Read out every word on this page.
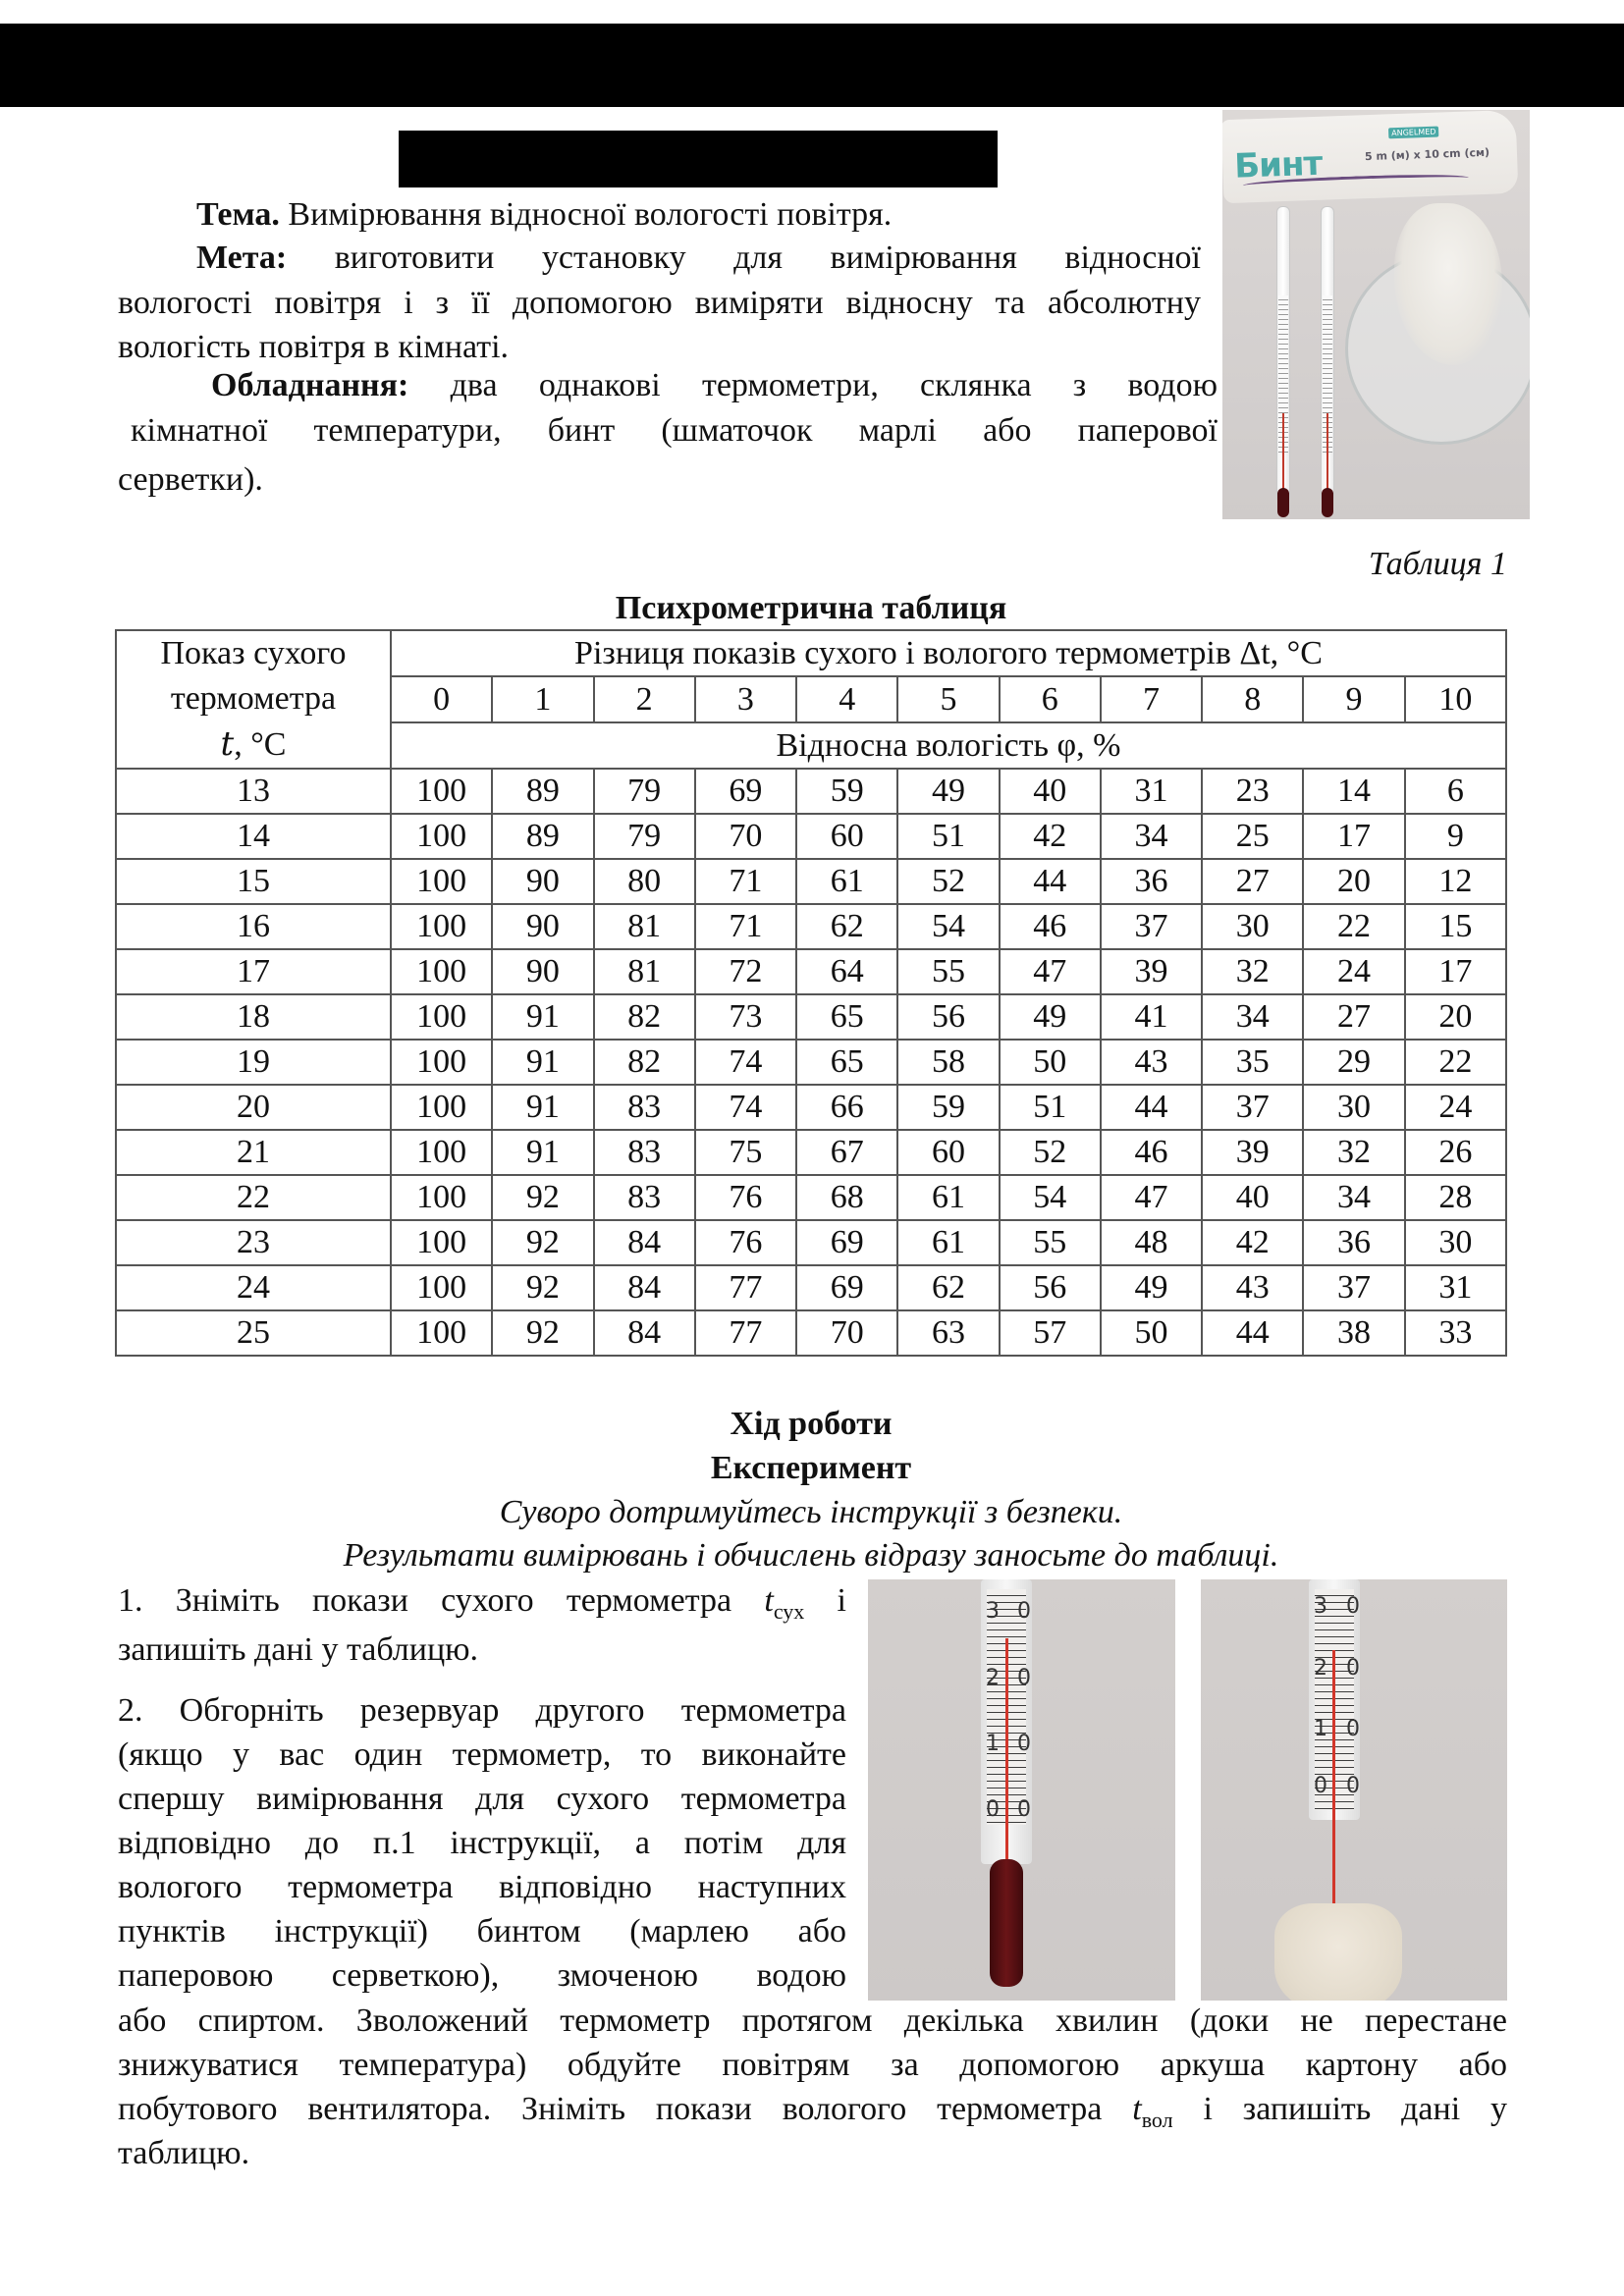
Тема. Вимірювання відносної вологості повітря.
Мета: виготовити установку для вимірювання відносної
вологості повітря і з її допомогою виміряти відносну та абсолютну
вологість повітря в кімнаті.
Обладнання: два однакові термометри, склянка з водою
кімнатної температури, бинт (шматочок марлі або паперової
серветки).
ANGELMED
Бинт	5 m (м) x 10 cm (см)
Таблиця 1
Психрометрична таблиця
Показ сухого
термометра
t, °C	Різниця показів сухого і вологого термометрів Δt, °C										
	0	1	2	3	4	5	6	7	8	9	10
	Відносна вологість φ, %										
13	100	89	79	69	59	49	40	31	23	14	6
14	100	89	79	70	60	51	42	34	25	17	9
15	100	90	80	71	61	52	44	36	27	20	12
16	100	90	81	71	62	54	46	37	30	22	15
17	100	90	81	72	64	55	47	39	32	24	17
18	100	91	82	73	65	56	49	41	34	27	20
19	100	91	82	74	65	58	50	43	35	29	22
20	100	91	83	74	66	59	51	44	37	30	24
21	100	91	83	75	67	60	52	46	39	32	26
22	100	92	83	76	68	61	54	47	40	34	28
23	100	92	84	76	69	61	55	48	42	36	30
24	100	92	84	77	69	62	56	49	43	37	31
25	100	92	84	77	70	63	57	50	44	38	33
Хід роботи
Експеримент
Суворо дотримуйтесь інструкції з безпеки.
Результати вимірювань і обчислень відразу заносьте до таблиці.
1. Зніміть покази сухого термометра $t_{сух}$ і
запишіть дані у таблицю.
2. Обгорніть резервуар другого термометра
(якщо у вас один термометр, то виконайте
спершу вимірювання для сухого термометра
відповідно до п.1 інструкції, а потім для
вологого термометра відповідно наступних
пунктів інструкції) бинтом (марлею або
паперовою серветкою), змоченою водою
або спиртом. Зволожений термометр протягом декілька хвилин (доки не перестане
знижуватися температура) обдуйте повітрям за допомогою аркуша картону або
побутового вентилятора. Зніміть покази вологого термометра $t_{вол}$ і запишіть дані у
таблицю.
3 0
2 0
1 0
0 0
3 0
2 0
1 0
0 0
